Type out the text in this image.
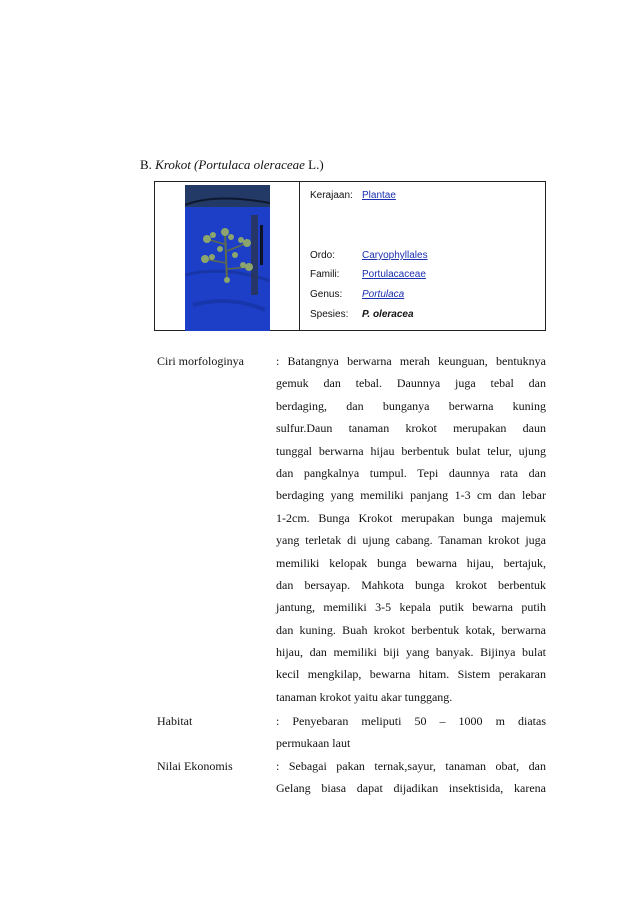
B. Krokot (Portulaca oleraceae L.)
Kerajaan: Plantae
Ordo:	Caryophyllales
Famili: Portulacaceae
Genus: Portulaca
Spesies: P. oleracea
Ciri morfologinya	: Batangnya berwarna merah keunguan, bentuknya
gemuk dan tebal. Daunnya juga tebal dan
berdaging, dan bunganya berwarna kuning
sulfur.Daun tanaman krokot merupakan daun
tunggal berwarna hijau berbentuk bulat telur, ujung
dan pangkalnya tumpul. Tepi daunnya rata dan
berdaging yang memiliki panjang 1-3 cm dan lebar
1-2cm. Bunga Krokot merupakan bunga majemuk
yang terletak di ujung cabang. Tanaman krokot juga
memiliki kelopak bunga bewarna hijau, bertajuk,
dan bersayap. Mahkota bunga krokot berbentuk
jantung, memiliki 3-5 kepala putik bewarna putih
dan kuning. Buah krokot berbentuk kotak, berwarna
hijau, dan memiliki biji yang banyak. Bijinya bulat
kecil mengkilap, bewarna hitam. Sistem perakaran
tanaman krokot yaitu akar tunggang.
Habitat	: Penyebaran meliputi 50 – 1000 m diatas
permukaan laut
Nilai Ekonomis	: Sebagai pakan ternak,sayur, tanaman obat, dan
Gelang biasa dapat dijadikan insektisida, karena
